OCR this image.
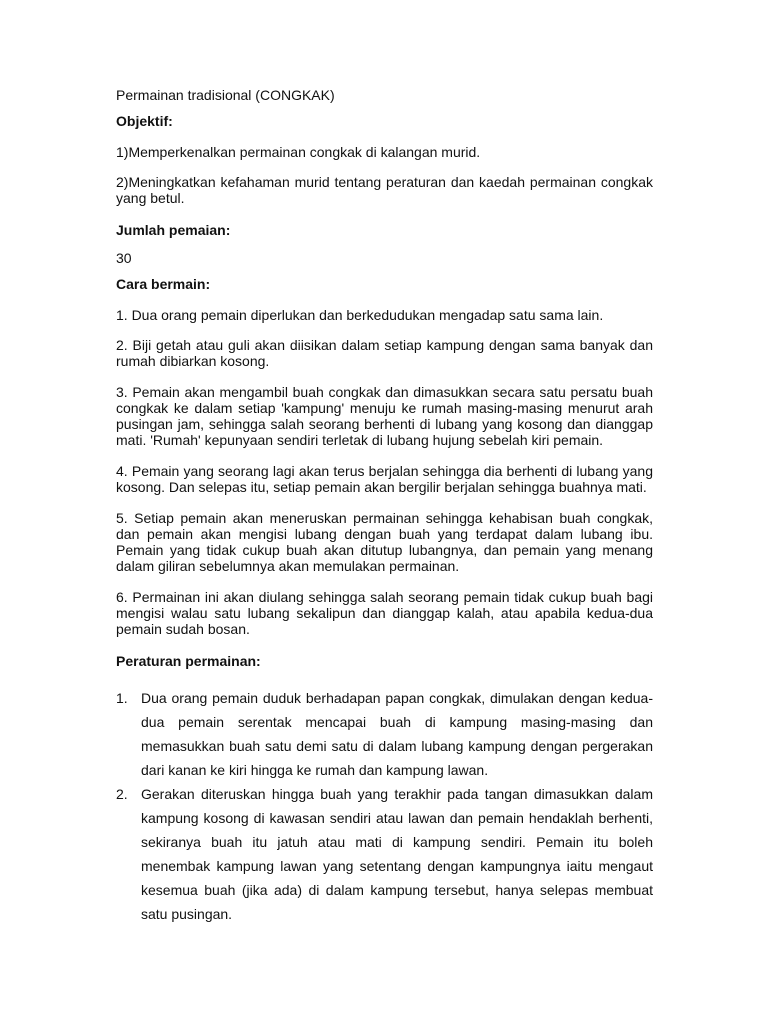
Permainan tradisional (CONGKAK)
Objektif:
1)Memperkenalkan permainan congkak di kalangan murid.
2)Meningkatkan kefahaman murid tentang peraturan dan kaedah permainan congkak yang betul.
Jumlah pemaian:
30
Cara bermain:
1. Dua orang pemain diperlukan dan berkedudukan mengadap satu sama lain.
2. Biji getah atau guli akan diisikan dalam setiap kampung dengan sama banyak dan rumah dibiarkan kosong.
3. Pemain akan mengambil buah congkak dan dimasukkan secara satu persatu buah congkak ke dalam setiap 'kampung' menuju ke rumah masing-masing menurut arah pusingan jam, sehingga salah seorang berhenti di lubang yang kosong dan dianggap mati. 'Rumah' kepunyaan sendiri terletak di lubang hujung sebelah kiri pemain.
4. Pemain yang seorang lagi akan terus berjalan sehingga dia berhenti di lubang yang kosong. Dan selepas itu, setiap pemain akan bergilir berjalan sehingga buahnya mati.
5. Setiap pemain akan meneruskan permainan sehingga kehabisan buah congkak, dan pemain akan mengisi lubang dengan buah yang terdapat dalam lubang ibu. Pemain yang tidak cukup buah akan ditutup lubangnya, dan pemain yang menang dalam giliran sebelumnya akan memulakan permainan.
6. Permainan ini akan diulang sehingga salah seorang pemain tidak cukup buah bagi mengisi walau satu lubang sekalipun dan dianggap kalah, atau apabila kedua-dua pemain sudah bosan.
Peraturan permainan:
1. Dua orang pemain duduk berhadapan papan congkak, dimulakan dengan kedua-dua pemain serentak mencapai buah di kampung masing-masing dan memasukkan buah satu demi satu di dalam lubang kampung dengan pergerakan dari kanan ke kiri hingga ke rumah dan kampung lawan.
2. Gerakan diteruskan hingga buah yang terakhir pada tangan dimasukkan dalam kampung kosong di kawasan sendiri atau lawan dan pemain hendaklah berhenti, sekiranya buah itu jatuh atau mati di kampung sendiri. Pemain itu boleh menembak kampung lawan yang setentang dengan kampungnya iaitu mengaut kesemua buah (jika ada) di dalam kampung tersebut, hanya selepas membuat satu pusingan.
